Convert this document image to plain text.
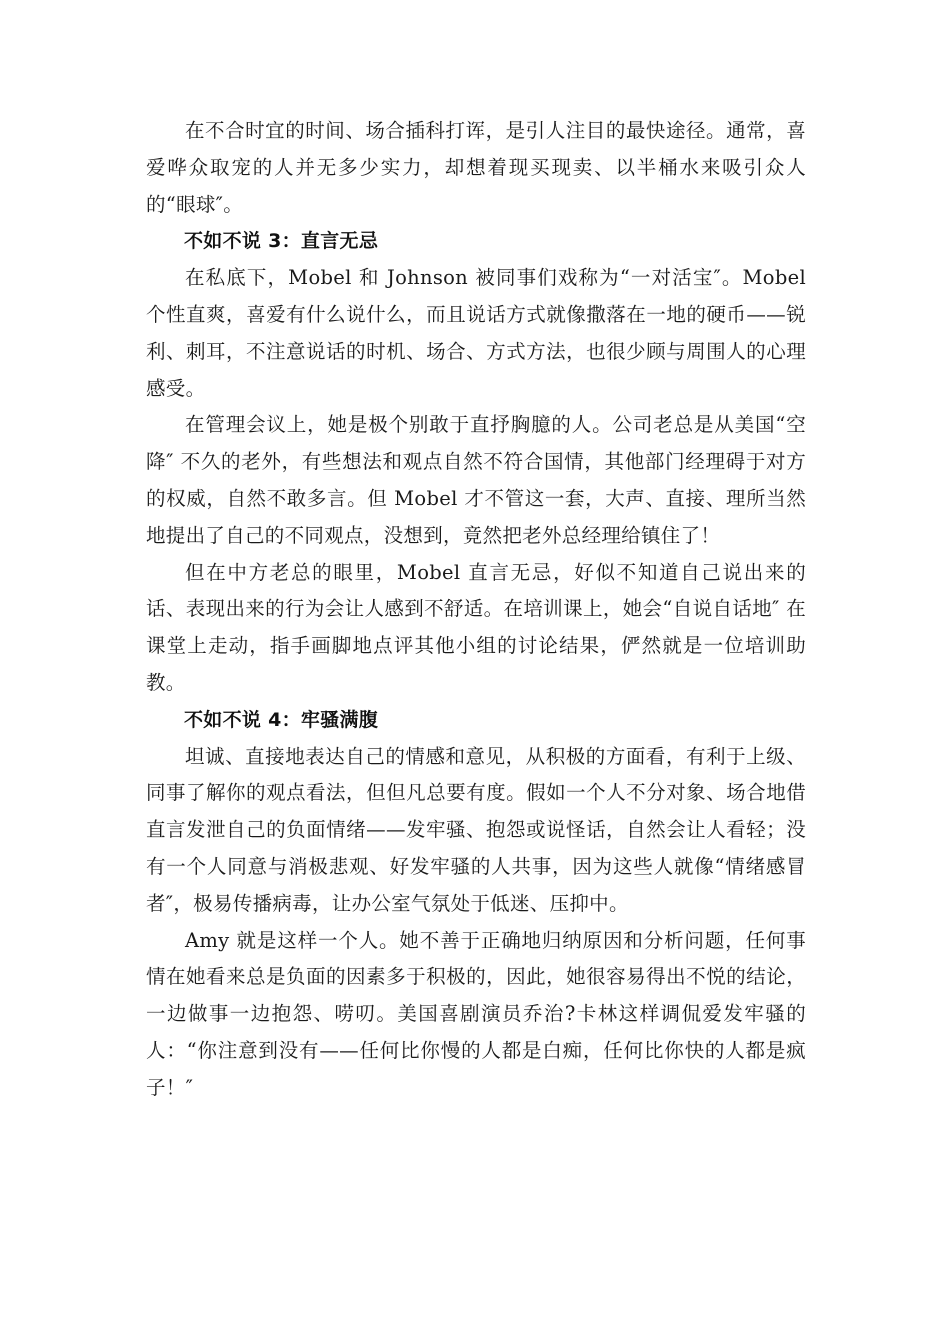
在不合时宜的时间、场合插科打诨，是引人注目的最快途径。通常，喜爱哗众取宠的人并无多少实力，却想着现买现卖、以半桶水来吸引众人的“眼球″。

不如不说 3：直言无忌

在私底下，Mobel 和 Johnson 被同事们戏称为“一对活宝″。Mobel 个性直爽，喜爱有什么说什么，而且说话方式就像撒落在一地的硬币——锐利、刺耳，不注意说话的时机、场合、方式方法，也很少顾与周围人的心理感受。

在管理会议上，她是极个别敢于直抒胸臆的人。公司老总是从美国“空降″ 不久的老外，有些想法和观点自然不符合国情，其他部门经理碍于对方的权威，自然不敢多言。但 Mobel 才不管这一套，大声、直接、理所当然地提出了自己的不同观点，没想到，竟然把老外总经理给镇住了！

但在中方老总的眼里，Mobel 直言无忌，好似不知道自己说出来的话、表现出来的行为会让人感到不舒适。在培训课上，她会“自说自话地″ 在课堂上走动，指手画脚地点评其他小组的讨论结果，俨然就是一位培训助教。

不如不说 4：牢骚满腹

坦诚、直接地表达自己的情感和意见，从积极的方面看，有利于上级、同事了解你的观点看法，但但凡总要有度。假如一个人不分对象、场合地借直言发泄自己的负面情绪——发牢骚、抱怨或说怪话，自然会让人看轻；没有一个人同意与消极悲观、好发牢骚的人共事，因为这些人就像“情绪感冒者″，极易传播病毒，让办公室气氛处于低迷、压抑中。

Amy 就是这样一个人。她不善于正确地归纳原因和分析问题，任何事情在她看来总是负面的因素多于积极的，因此，她很容易得出不悦的结论，一边做事一边抱怨、唠叨。美国喜剧演员乔治?卡林这样调侃爱发牢骚的人：“你注意到没有——任何比你慢的人都是白痴，任何比你快的人都是疯子！″
